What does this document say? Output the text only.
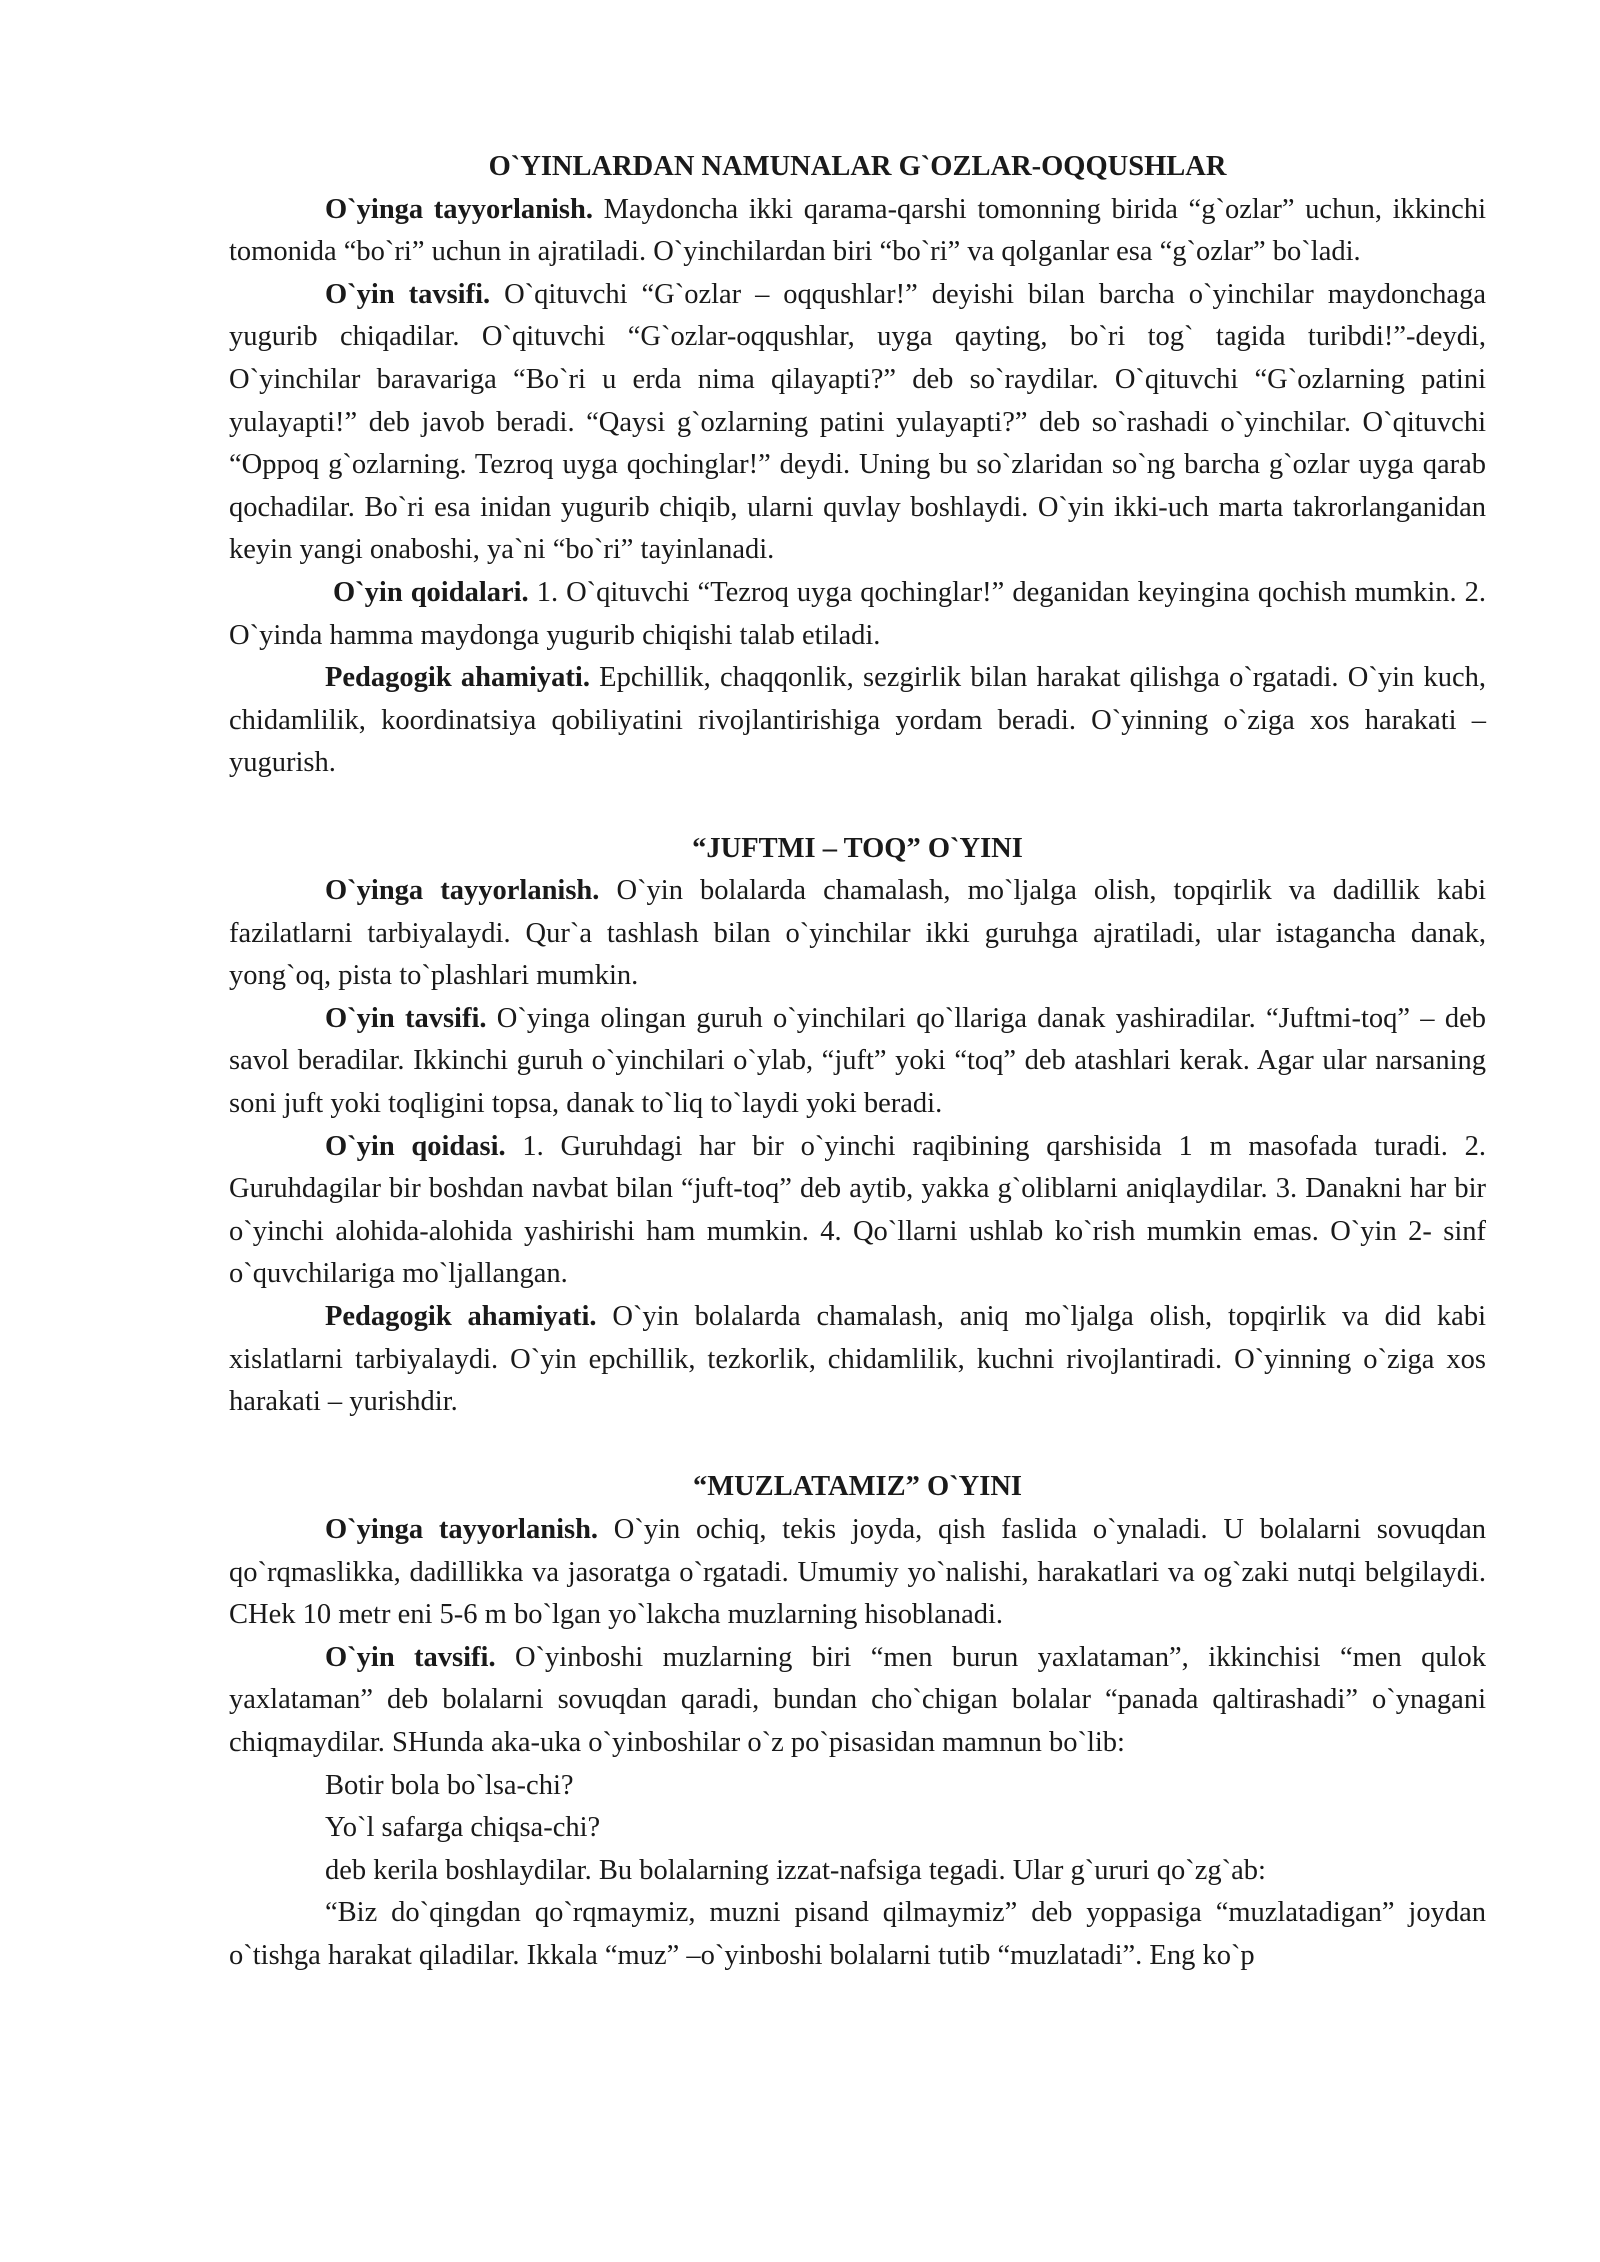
O`YINLARDAN NAMUNALAR G`OZLAR-OQQUSHLAR

O`yinga tayyorlanish. Maydoncha ikki qarama-qarshi tomonning birida “g`ozlar” uchun, ikkinchi tomonida “bo`ri” uchun in ajratiladi. O`yinchilardan biri “bo`ri” va qolganlar esa “g`ozlar” bo`ladi.

O`yin tavsifi. O`qituvchi “G`ozlar – oqqushlar!” deyishi bilan barcha o`yinchilar maydonchaga yugurib chiqadilar. O`qituvchi “G`ozlar-oqqushlar, uyga qayting, bo`ri tog` tagida turibdi!”-deydi, O`yinchilar baravariga “Bo`ri u erda nima qilayapti?” deb so`raydilar. O`qituvchi “G`ozlarning patini yulayapti!” deb javob beradi. “Qaysi g`ozlarning patini yulayapti?” deb so`rashadi o`yinchilar. O`qituvchi “Oppoq g`ozlarning. Tezroq uyga qochinglar!” deydi. Uning bu so`zlaridan so`ng barcha g`ozlar uyga qarab qochadilar. Bo`ri esa inidan yugurib chiqib, ularni quvlay boshlaydi. O`yin ikki-uch marta takrorlanganidan keyin yangi onaboshi, ya`ni “bo`ri” tayinlanadi.

O`yin qoidalari. 1. O`qituvchi “Tezroq uyga qochinglar!” deganidan keyingina qochish mumkin. 2. O`yinda hamma maydonga yugurib chiqishi talab etiladi.

Pedagogik ahamiyati. Epchillik, chaqqonlik, sezgirlik bilan harakat qilishga o`rgatadi. O`yin kuch, chidamlilik, koordinatsiya qobiliyatini rivojlantirishiga yordam beradi. O`yinning o`ziga xos harakati – yugurish.

“JUFTMI – TOQ” O`YINI

O`yinga tayyorlanish. O`yin bolalarda chamalash, mo`ljalga olish, topqirlik va dadillik kabi fazilatlarni tarbiyalaydi. Qur`a tashlash bilan o`yinchilar ikki guruhga ajratiladi, ular istagancha danak, yong`oq, pista to`plashlari mumkin.

O`yin tavsifi. O`yinga olingan guruh o`yinchilari qo`llariga danak yashiradilar. “Juftmi-toq” – deb savol beradilar. Ikkinchi guruh o`yinchilari o`ylab, “juft” yoki “toq” deb atashlari kerak. Agar ular narsaning soni juft yoki toqligini topsa, danak to`liq to`laydi yoki beradi.

O`yin qoidasi. 1. Guruhdagi har bir o`yinchi raqibining qarshisida 1 m masofada turadi. 2. Guruhdagilar bir boshdan navbat bilan “juft-toq” deb aytib, yakka g`oliblarni aniqlaydilar. 3. Danakni har bir o`yinchi alohida-alohida yashirishi ham mumkin. 4. Qo`llarni ushlab ko`rish mumkin emas. O`yin 2- sinf o`quvchilariga mo`ljallangan.

Pedagogik ahamiyati. O`yin bolalarda chamalash, aniq mo`ljalga olish, topqirlik va did kabi xislatlarni tarbiyalaydi. O`yin epchillik, tezkorlik, chidamlilik, kuchni rivojlantiradi. O`yinning o`ziga xos harakati – yurishdir.

“MUZLATAMIZ” O`YINI

O`yinga tayyorlanish. O`yin ochiq, tekis joyda, qish faslida o`ynaladi. U bolalarni sovuqdan qo`rqmaslikka, dadillikka va jasoratga o`rgatadi. Umumiy yo`nalishi, harakatlari va og`zaki nutqi belgilaydi. CHek 10 metr eni 5-6 m bo`lgan yo`lakcha muzlarning hisoblanadi.

O`yin tavsifi. O`yinboshi muzlarning biri “men burun yaxlataman”, ikkinchisi “men qulok yaxlataman” deb bolalarni sovuqdan qaradi, bundan cho`chigan bolalar “panada qaltirashadi” o`ynagani chiqmaydilar. SHunda aka-uka o`yinboshilar o`z po`pisasidan mamnun bo`lib:

Botir bola bo`lsa-chi?

Yo`l safarga chiqsa-chi?

deb kerila boshlaydilar. Bu bolalarning izzat-nafsiga tegadi. Ular g`ururi qo`zg`ab:

“Biz do`qingdan qo`rqmaymiz, muzni pisand qilmaymiz” deb yoppasiga “muzlatadigan” joydan o`tishga harakat qiladilar. Ikkala “muz” –o`yinboshi bolalarni tutib “muzlatadi”. Eng ko`p
